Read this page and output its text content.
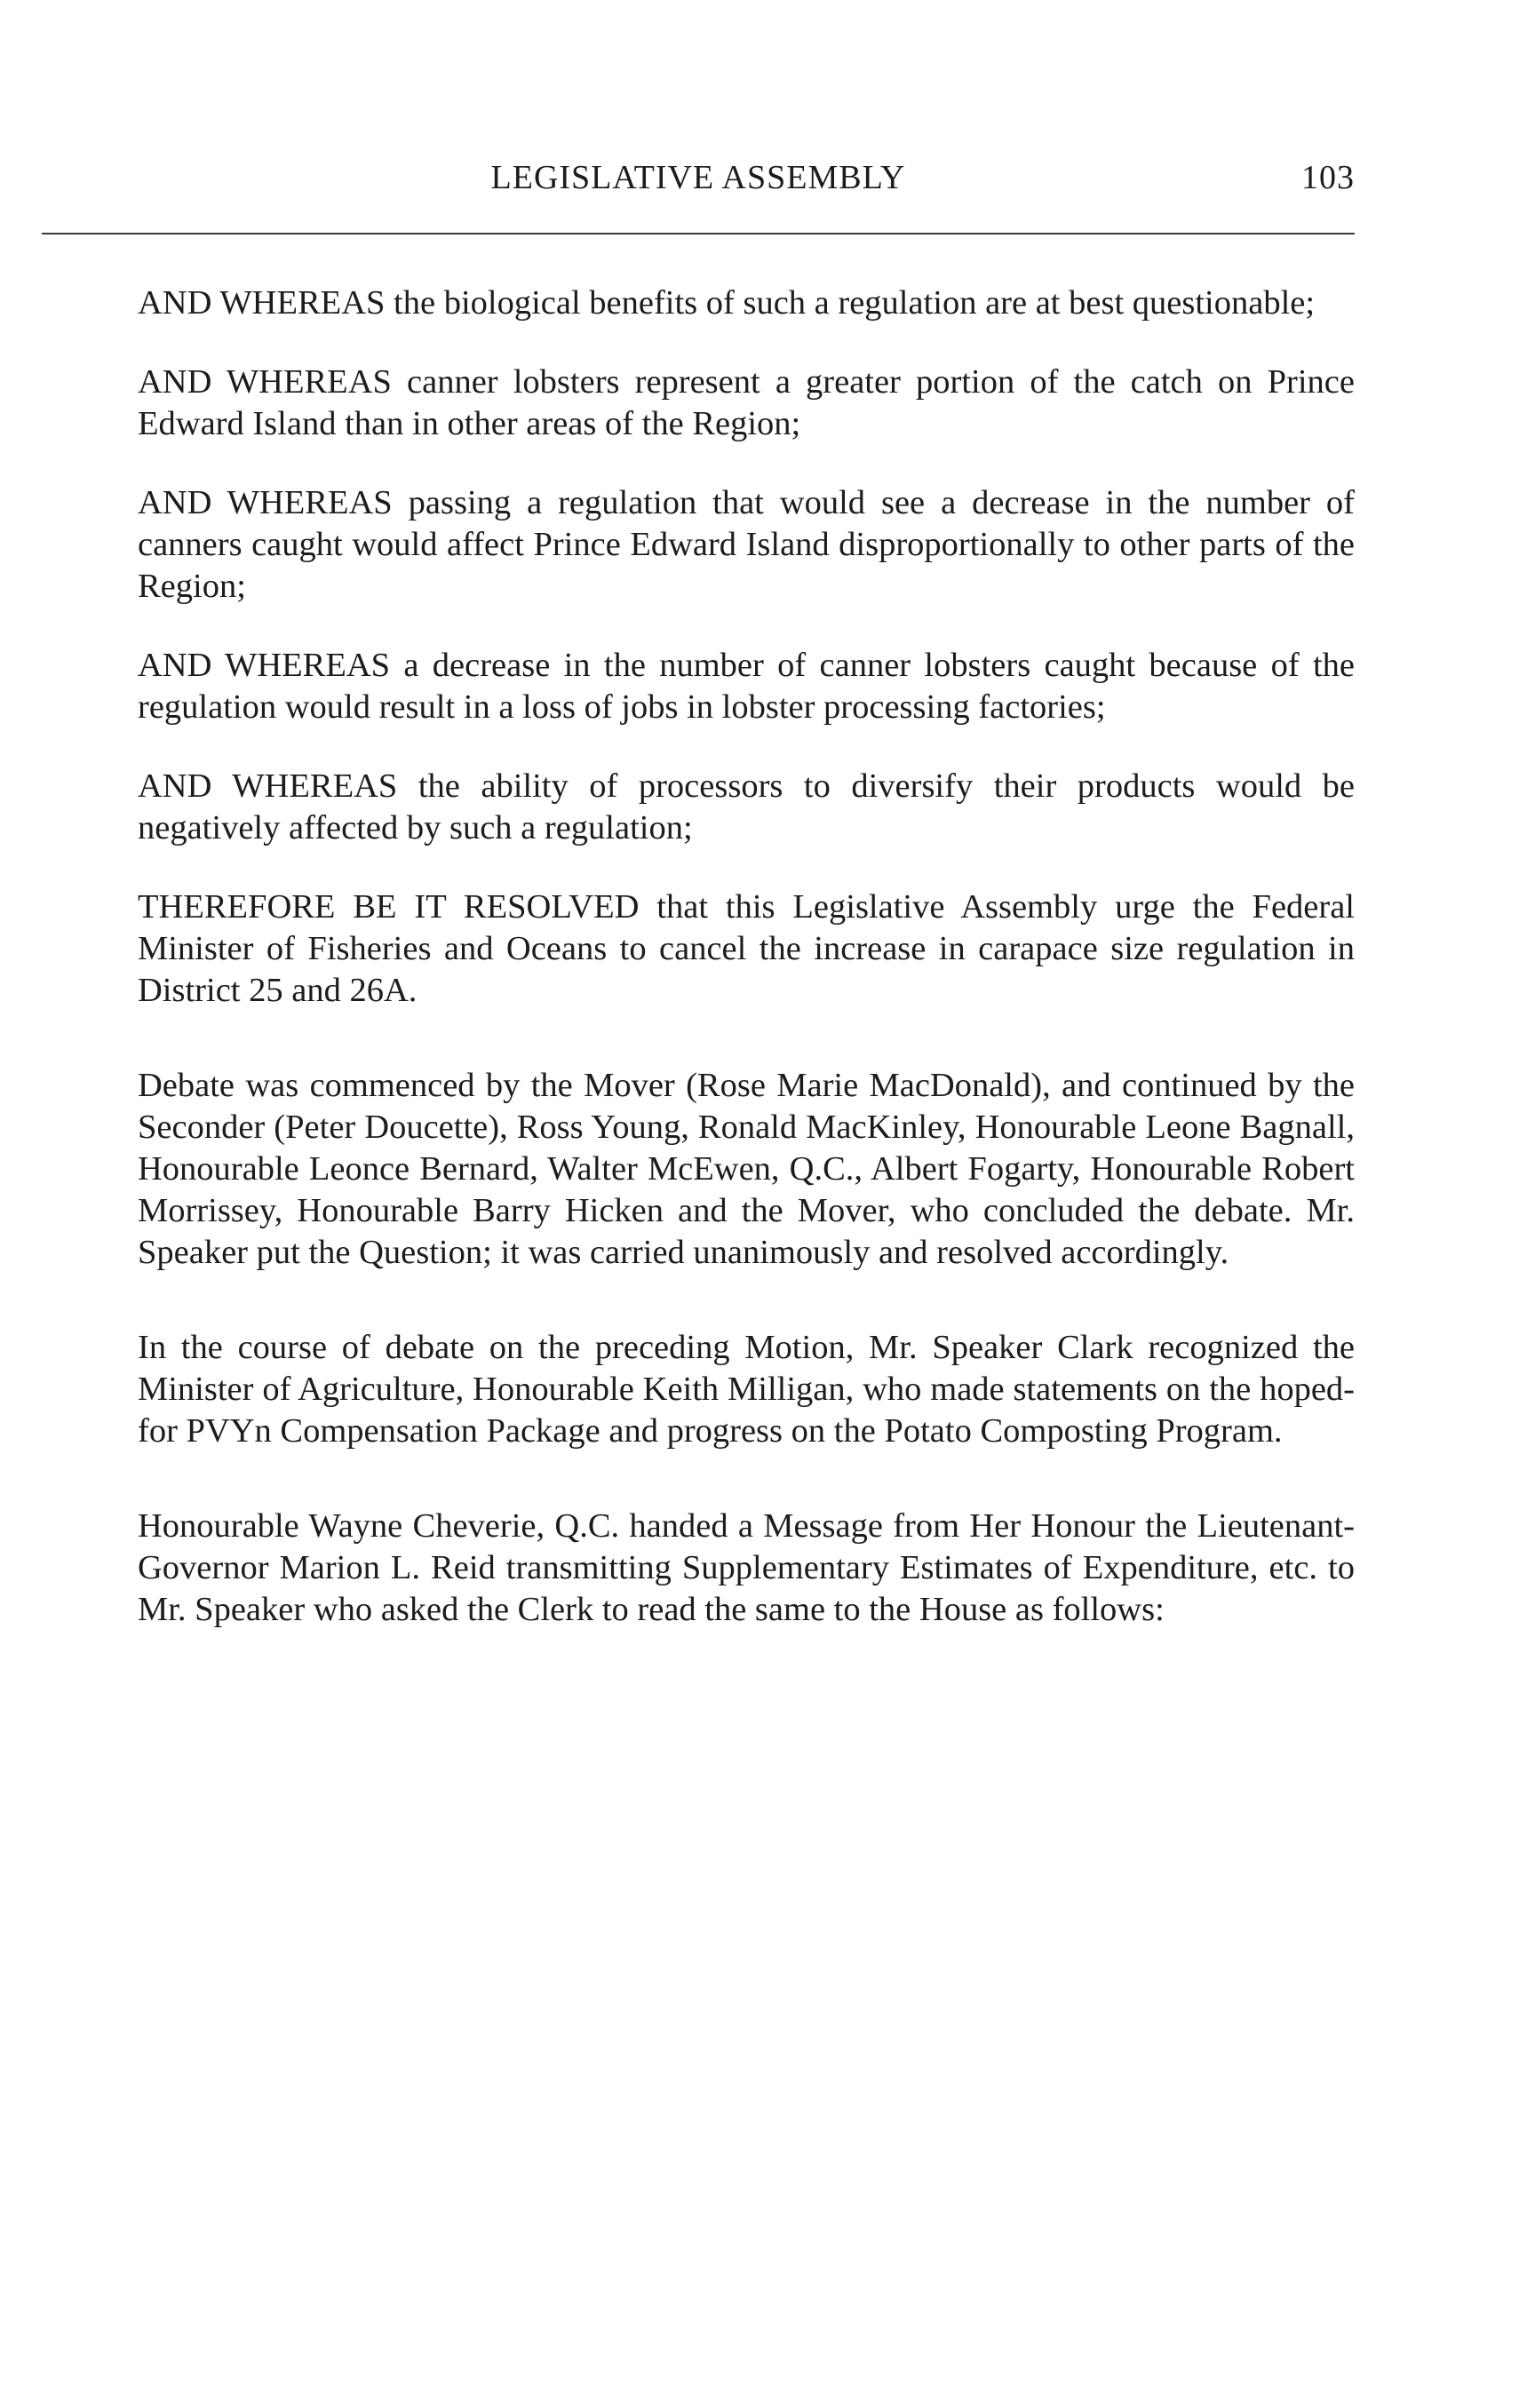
LEGISLATIVE ASSEMBLY	103

AND WHEREAS the biological benefits of such a regulation are at best questionable;

AND WHEREAS canner lobsters represent a greater portion of the catch on Prince Edward Island than in other areas of the Region;

AND WHEREAS passing a regulation that would see a decrease in the number of canners caught would affect Prince Edward Island disproportionally to other parts of the Region;

AND WHEREAS a decrease in the number of canner lobsters caught because of the regulation would result in a loss of jobs in lobster processing factories;

AND WHEREAS the ability of processors to diversify their products would be negatively affected by such a regulation;

THEREFORE BE IT RESOLVED that this Legislative Assembly urge the Federal Minister of Fisheries and Oceans to cancel the increase in carapace size regulation in District 25 and 26A.

Debate was commenced by the Mover (Rose Marie MacDonald), and continued by the Seconder (Peter Doucette), Ross Young, Ronald MacKinley, Honourable Leone Bagnall, Honourable Leonce Bernard, Walter McEwen, Q.C., Albert Fogarty, Honourable Robert Morrissey, Honourable Barry Hicken and the Mover, who concluded the debate. Mr. Speaker put the Question; it was carried unanimously and resolved accordingly.

In the course of debate on the preceding Motion, Mr. Speaker Clark recognized the Minister of Agriculture, Honourable Keith Milligan, who made statements on the hoped-for PVYn Compensation Package and progress on the Potato Composting Program.

Honourable Wayne Cheverie, Q.C. handed a Message from Her Honour the Lieutenant-Governor Marion L. Reid transmitting Supplementary Estimates of Expenditure, etc. to Mr. Speaker who asked the Clerk to read the same to the House as follows:
